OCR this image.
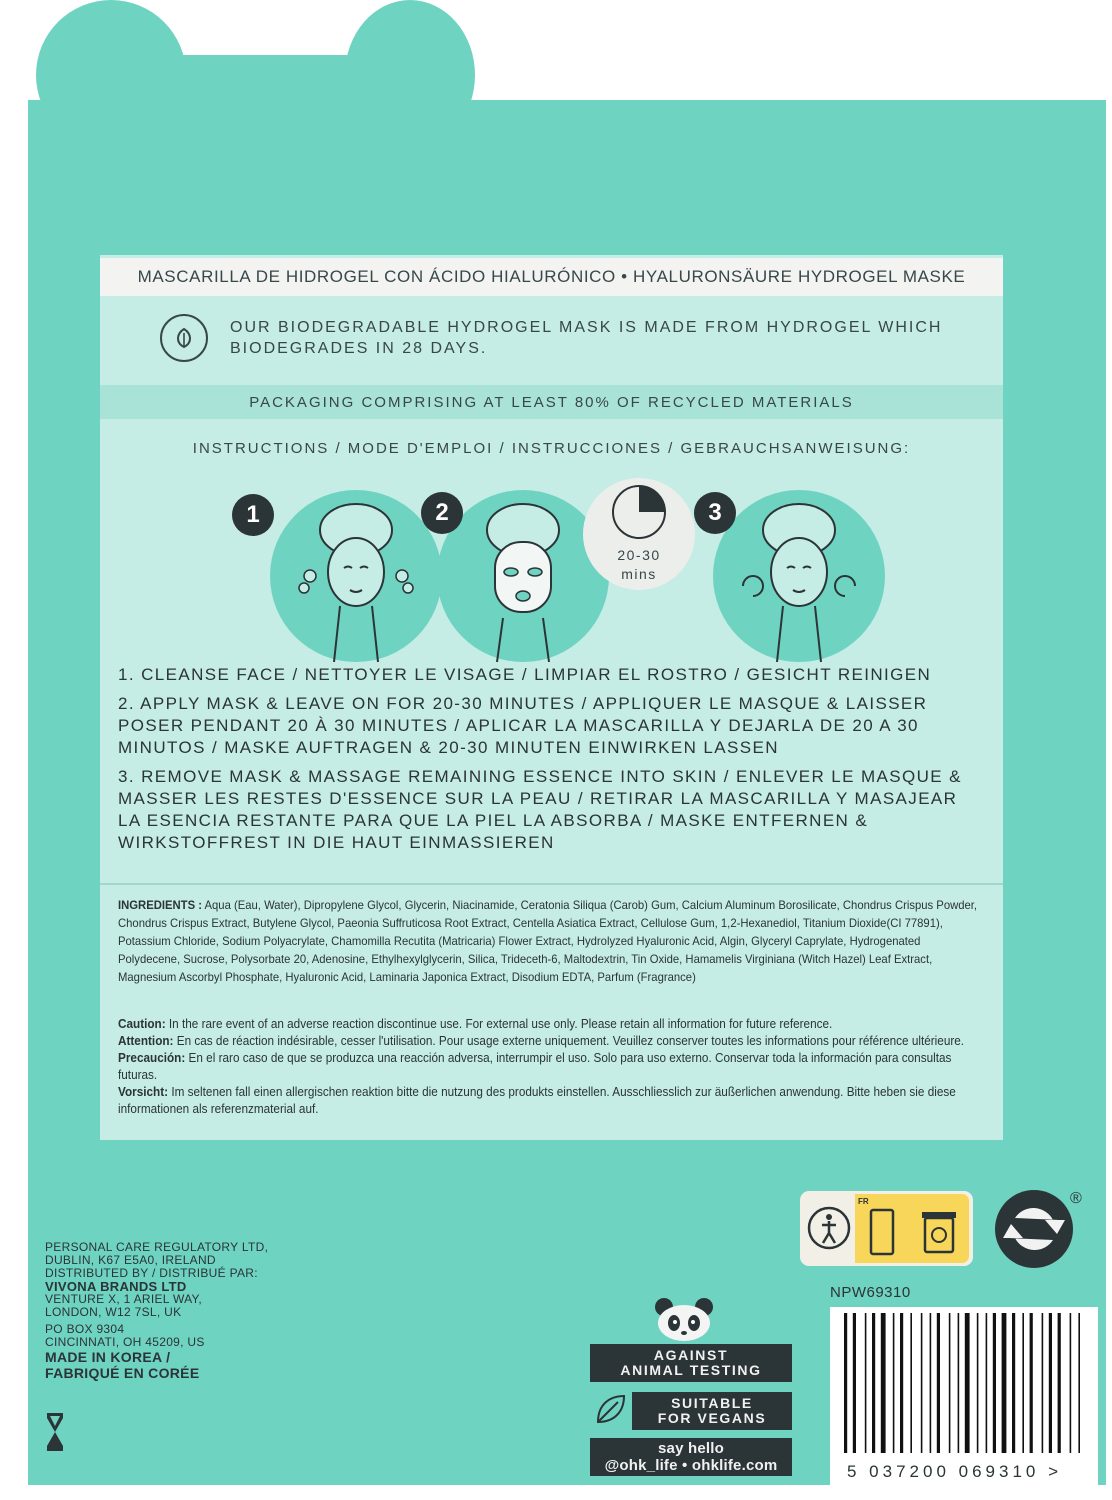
MASCARILLA DE HIDROGEL CON ÁCIDO HIALURÓNICO • HYALURONSÄURE HYDROGEL MASKE
OUR BIODEGRADABLE HYDROGEL MASK IS MADE FROM HYDROGEL WHICH
BIODEGRADES IN 28 DAYS.
PACKAGING COMPRISING AT LEAST 80% OF RECYCLED MATERIALS
INSTRUCTIONS / MODE D'EMPLOI / INSTRUCCIONES / GEBRAUCHSANWEISUNG:
1	2
20-30
mins
3

1. CLEANSE FACE / NETTOYER LE VISAGE / LIMPIAR EL ROSTRO / GESICHT REINIGEN

2. APPLY MASK & LEAVE ON FOR 20-30 MINUTES / APPLIQUER LE MASQUE & LAISSER POSER PENDANT 20 À 30 MINUTES / APLICAR LA MASCARILLA Y DEJARLA DE 20 A 30 MINUTOS / MASKE AUFTRAGEN & 20-30 MINUTEN EINWIRKEN LASSEN

3. REMOVE MASK & MASSAGE REMAINING ESSENCE INTO SKIN / ENLEVER LE MASQUE & MASSER LES RESTES D'ESSENCE SUR LA PEAU / RETIRAR LA MASCARILLA Y MASAJEAR LA ESENCIA RESTANTE PARA QUE LA PIEL LA ABSORBA / MASKE ENTFERNEN & WIRKSTOFFREST IN DIE HAUT EINMASSIEREN

INGREDIENTS : Aqua (Eau, Water), Dipropylene Glycol, Glycerin, Niacinamide, Ceratonia Siliqua (Carob) Gum, Calcium Aluminum Borosilicate, Chondrus Crispus Powder, Chondrus Crispus Extract, Butylene Glycol, Paeonia Suffruticosa Root Extract, Centella Asiatica Extract, Cellulose Gum, 1,2-Hexanediol, Titanium Dioxide(CI 77891), Potassium Chloride, Sodium Polyacrylate, Chamomilla Recutita (Matricaria) Flower Extract, Hydrolyzed Hyaluronic Acid, Algin, Glyceryl Caprylate, Hydrogenated Polydecene, Sucrose, Polysorbate 20, Adenosine, Ethylhexylglycerin, Silica, Trideceth-6, Maltodextrin, Tin Oxide, Hamamelis Virginiana (Witch Hazel) Leaf Extract, Magnesium Ascorbyl Phosphate, Hyaluronic Acid, Laminaria Japonica Extract, Disodium EDTA, Parfum (Fragrance)
Caution: In the rare event of an adverse reaction discontinue use. For external use only. Please retain all information for future reference.
Attention: En cas de réaction indésirable, cesser l'utilisation. Pour usage externe uniquement. Veuillez conserver toutes les informations pour référence ultérieure.
Precaución: En el raro caso de que se produzca una reacción adversa, interrumpir el uso. Solo para uso externo. Conservar toda la información para consultas futuras.
Vorsicht: Im seltenen fall einen allergischen reaktion bitte die nutzung des produkts einstellen. Ausschliesslich zur äußerlichen anwendung. Bitte heben sie diese informationen als referenzmaterial auf.
FR	®
PERSONAL CARE REGULATORY LTD,
DUBLIN, K67 E5A0, IRELAND
DISTRIBUTED BY / DISTRIBUÉ PAR:
VIVONA BRANDS LTD
VENTURE X, 1 ARIEL WAY,
LONDON, W12 7SL, UK
PO BOX 9304
CINCINNATI, OH 45209, US
MADE IN KOREA /
FABRIQUÉ EN CORÉE
AGAINST
ANIMAL TESTING
SUITABLE
FOR VEGANS
say hello
@ohk_life • ohklife.com
NPW69310
5 037200 069310 >
